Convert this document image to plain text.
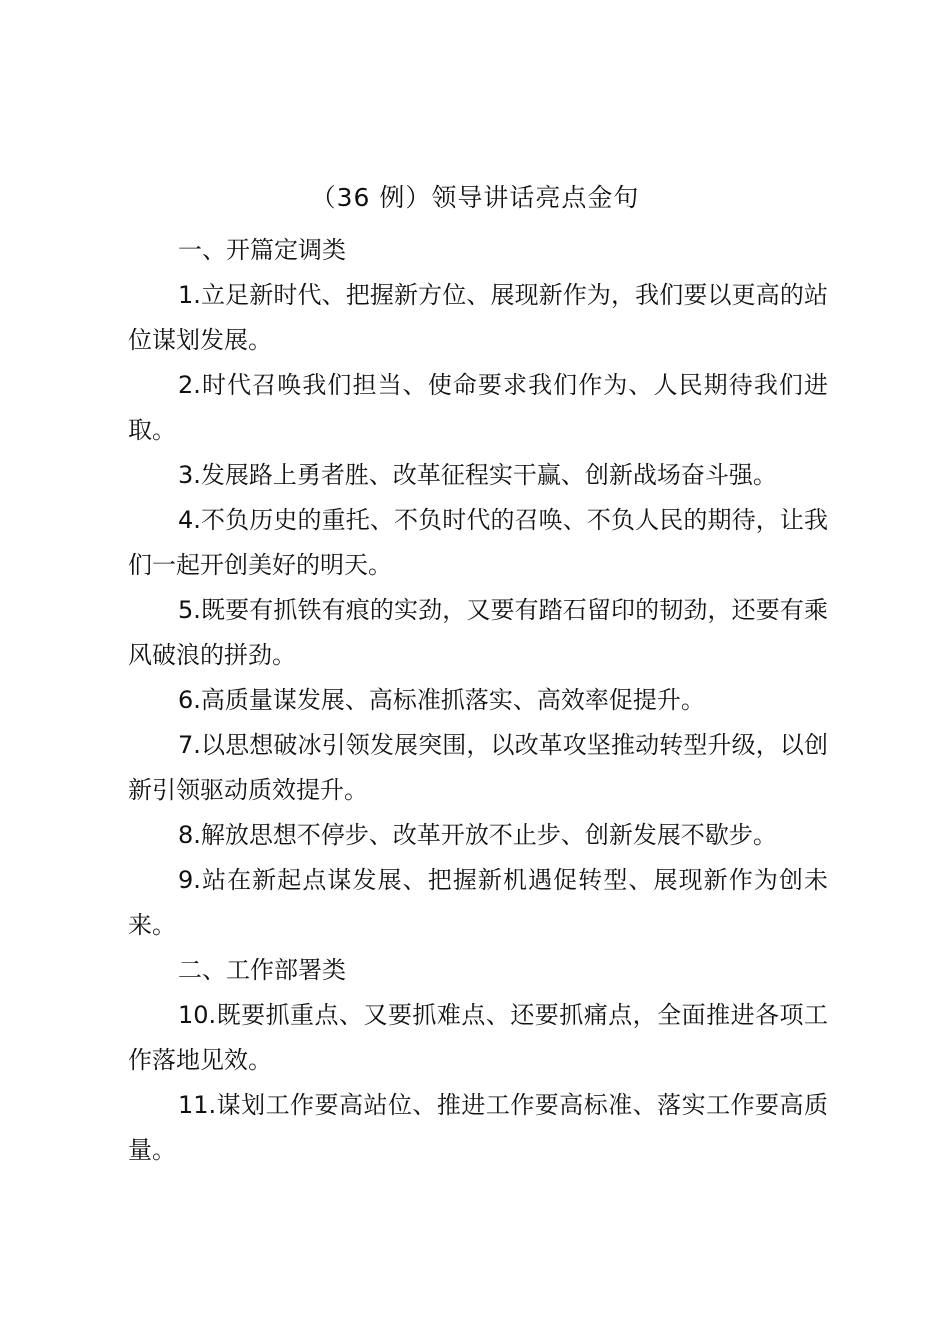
（36 例）领导讲话亮点金句

一、开篇定调类

1.立足新时代、把握新方位、展现新作为，我们要以更高的站位谋划发展。

2.时代召唤我们担当、使命要求我们作为、人民期待我们进取。

3.发展路上勇者胜、改革征程实干赢、创新战场奋斗强。

4.不负历史的重托、不负时代的召唤、不负人民的期待，让我们一起开创美好的明天。

5.既要有抓铁有痕的实劲，又要有踏石留印的韧劲，还要有乘风破浪的拼劲。

6.高质量谋发展、高标准抓落实、高效率促提升。

7.以思想破冰引领发展突围，以改革攻坚推动转型升级，以创新引领驱动质效提升。

8.解放思想不停步、改革开放不止步、创新发展不歇步。

9.站在新起点谋发展、把握新机遇促转型、展现新作为创未来。

二、工作部署类

10.既要抓重点、又要抓难点、还要抓痛点，全面推进各项工作落地见效。

11.谋划工作要高站位、推进工作要高标准、落实工作要高质量。
